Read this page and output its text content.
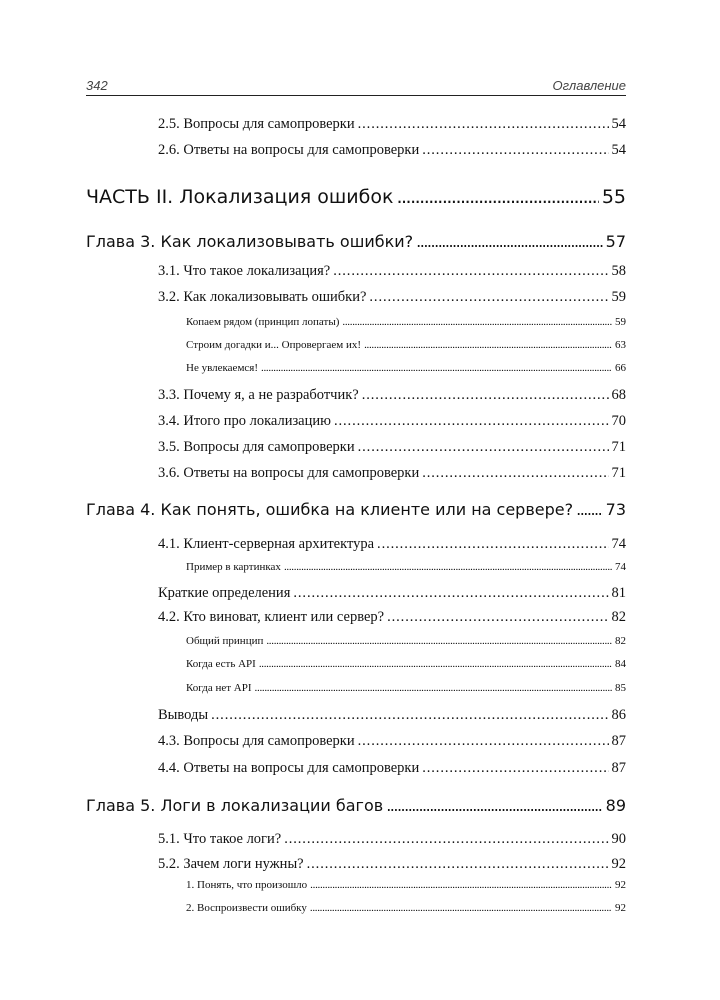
342	Оглавление
2.5. Вопросы для самопроверки .....	54
2.6. Ответы на вопросы для самопроверки .....	54
ЧАСТЬ II. Локализация ошибок .....	55
Глава 3. Как локализовывать ошибки? .....	57
3.1. Что такое локализация? .....	58
3.2. Как локализовывать ошибки? .....	59
Копаем рядом (принцип лопаты) .....	59
Строим догадки и... Опровергаем их! .....	63
Не увлекаемся! .....	66
3.3. Почему я, а не разработчик? .....	68
3.4. Итого про локализацию .....	70
3.5. Вопросы для самопроверки .....	71
3.6. Ответы на вопросы для самопроверки .....	71
Глава 4. Как понять, ошибка на клиенте или на сервере? ..... 73
4.1. Клиент-серверная архитектура .....	74
Пример в картинках .....	74
Краткие определения .....	81
4.2. Кто виноват, клиент или сервер? .....	82
Общий принцип .....	82
Когда есть API .....	84
Когда нет API .....	85
Выводы .....	86
4.3. Вопросы для самопроверки .....	87
4.4. Ответы на вопросы для самопроверки .....	87
Глава 5. Логи в локализации багов .....	89
5.1. Что такое логи? .....	90
5.2. Зачем логи нужны? .....	92
1. Понять, что произошло .....	92
2. Воспроизвести ошибку .....	92
